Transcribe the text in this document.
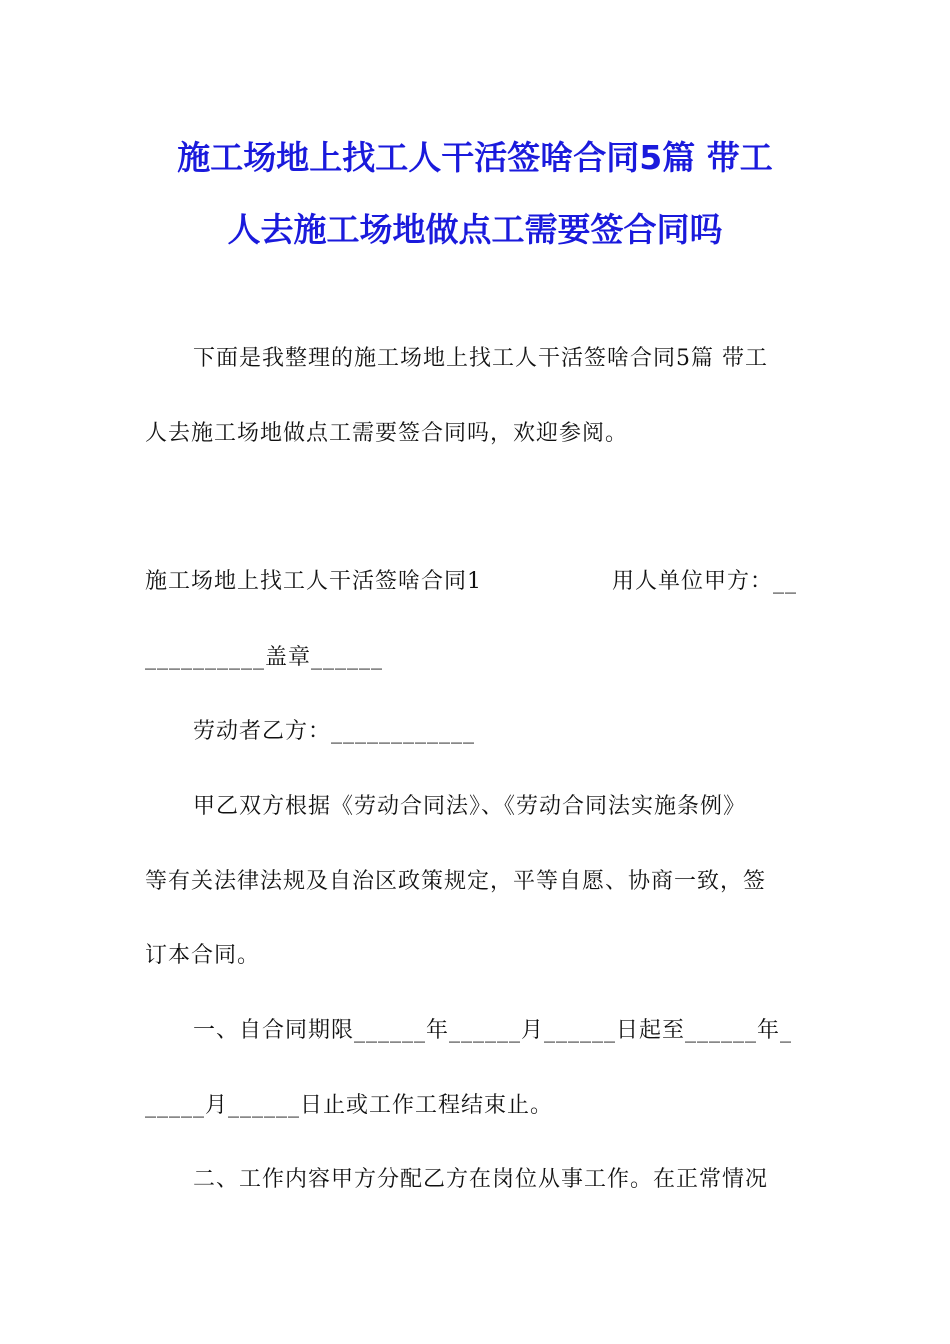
施工场地上找工人干活签啥合同5篇 带工
人去施工场地做点工需要签合同吗
下面是我整理的施工场地上找工人干活签啥合同5篇 带工
人去施工场地做点工需要签合同吗，欢迎参阅。
施工场地上找工人干活签啥合同1	用人单位甲方：__
__________盖章______
劳动者乙方：____________
甲乙双方根据《劳动合同法》、《劳动合同法实施条例》
等有关法律法规及自治区政策规定，平等自愿、协商一致，签
订本合同。
一、自合同期限______年______月______日起至______年_
_____月______日止或工作工程结束止。
二、工作内容甲方分配乙方在岗位从事工作。在正常情况
